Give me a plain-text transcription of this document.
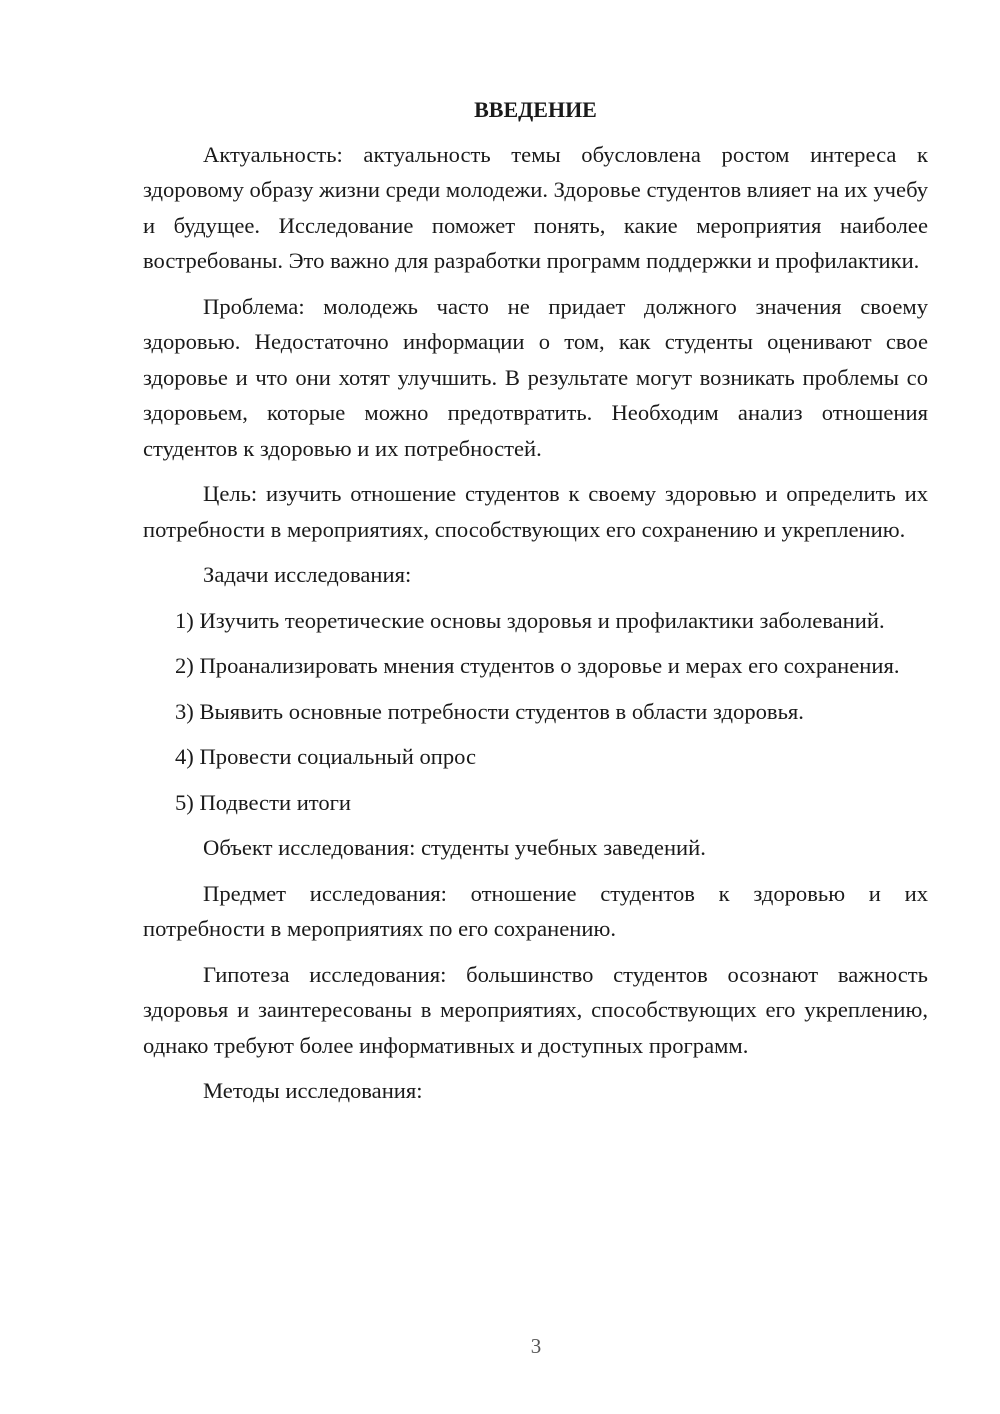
ВВЕДЕНИЕ

Актуальность: актуальность темы обусловлена ростом интереса к здоровому образу жизни среди молодежи. Здоровье студентов влияет на их учебу и будущее. Исследование поможет понять, какие мероприятия наиболее востребованы. Это важно для разработки программ поддержки и профилактики.

Проблема: молодежь часто не придает должного значения своему здоровью. Недостаточно информации о том, как студенты оценивают свое здоровье и что они хотят улучшить. В результате могут возникать проблемы со здоровьем, которые можно предотвратить. Необходим анализ отношения студентов к здоровью и их потребностей.

Цель: изучить отношение студентов к своему здоровью и определить их потребности в мероприятиях, способствующих его сохранению и укреплению.

Задачи исследования:

1) Изучить теоретические основы здоровья и профилактики заболеваний.

2) Проанализировать мнения студентов о здоровье и мерах его сохранения.

3) Выявить основные потребности студентов в области здоровья.

4) Провести социальный опрос

5) Подвести итоги

Объект исследования: студенты учебных заведений.

Предмет исследования: отношение студентов к здоровью и их потребности в мероприятиях по его сохранению.

Гипотеза исследования: большинство студентов осознают важность здоровья и заинтересованы в мероприятиях, способствующих его укреплению, однако требуют более информативных и доступных программ.

Методы исследования:

3
